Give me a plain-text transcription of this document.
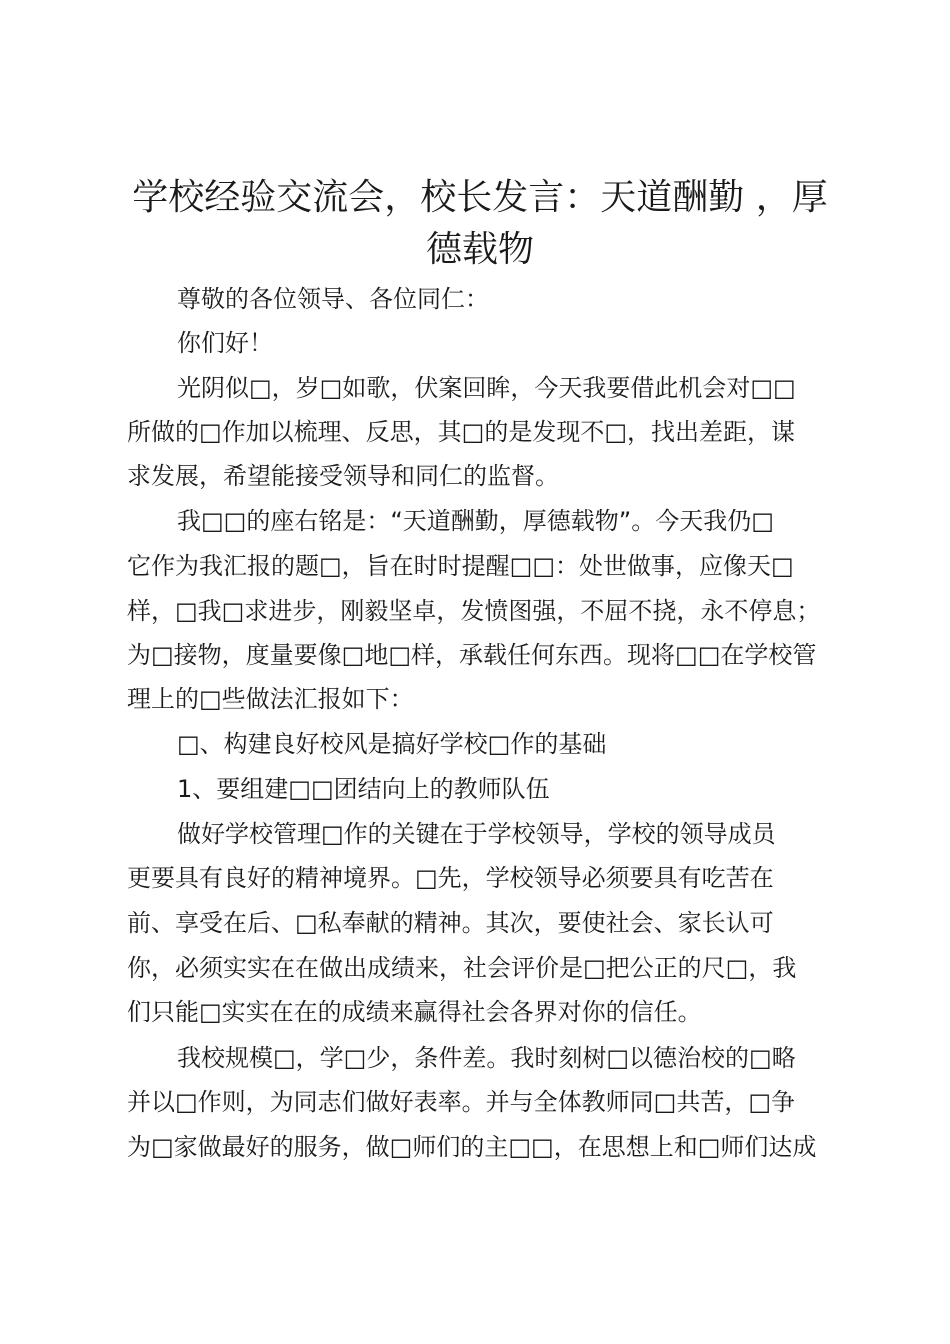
学校经验交流会，校长发言：天道酬勤 ，厚
德载物

尊敬的各位领导、各位同仁：

你们好！

光阴似□，岁□如歌，伏案回眸，今天我要借此机会对□□

所做的□作加以梳理、反思，其□的是发现不□，找出差距，谋

求发展，希望能接受领导和同仁的监督。

我□□的座右铭是：“天道酬勤，厚德载物”。今天我仍□

它作为我汇报的题□，旨在时时提醒□□：处世做事，应像天□

样，□我□求进步，刚毅坚卓，发愤图强，不屈不挠，永不停息；

为□接物，度量要像□地□样，承载任何东西。现将□□在学校管

理上的□些做法汇报如下：

□、构建良好校风是搞好学校□作的基础

1、要组建□□团结向上的教师队伍

做好学校管理□作的关键在于学校领导，学校的领导成员

更要具有良好的精神境界。□先，学校领导必须要具有吃苦在

前、享受在后、□私奉献的精神。其次，要使社会、家长认可

你，必须实实在在做出成绩来，社会评价是□把公正的尺□，我

们只能□实实在在的成绩来赢得社会各界对你的信任。

我校规模□，学□少，条件差。我时刻树□以德治校的□略

并以□作则，为同志们做好表率。并与全体教师同□共苦，□争

为□家做最好的服务，做□师们的主□□，在思想上和□师们达成
